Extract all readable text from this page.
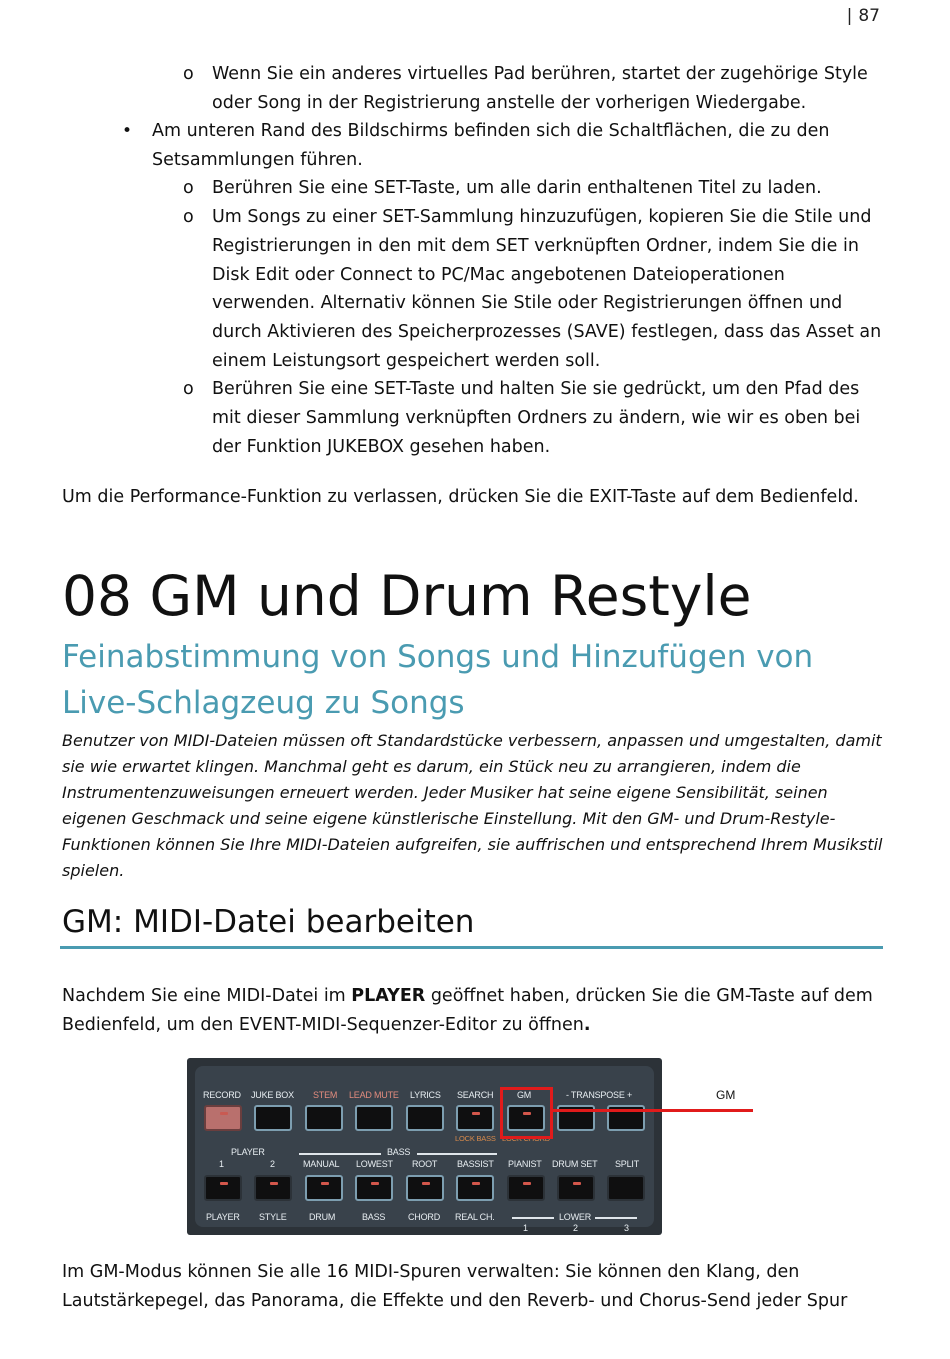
| 87
o Wenn Sie ein anderes virtuelles Pad berühren, startet der zugehörige Style oder Song in der Registrierung anstelle der vorherigen Wiedergabe.

• Am unteren Rand des Bildschirms befinden sich die Schaltflächen, die zu den Setsammlungen führen.

o Berühren Sie eine SET-Taste, um alle darin enthaltenen Titel zu laden.

o Um Songs zu einer SET-Sammlung hinzuzufügen, kopieren Sie die Stile und Registrierungen in den mit dem SET verknüpften Ordner, indem Sie die in Disk Edit oder Connect to PC/Mac angebotenen Dateioperationen verwenden. Alternativ können Sie Stile oder Registrierungen öffnen und durch Aktivieren des Speicherprozesses (SAVE) festlegen, dass das Asset an einem Leistungsort gespeichert werden soll.

o Berühren Sie eine SET-Taste und halten Sie sie gedrückt, um den Pfad des mit dieser Sammlung verknüpften Ordners zu ändern, wie wir es oben bei der Funktion JUKEBOX gesehen haben.

Um die Performance-Funktion zu verlassen, drücken Sie die EXIT-Taste auf dem Bedienfeld.

08 GM und Drum Restyle

Feinabstimmung von Songs und Hinzufügen von Live-Schlagzeug zu Songs

Benutzer von MIDI-Dateien müssen oft Standardstücke verbessern, anpassen und umgestalten, damit sie wie erwartet klingen. Manchmal geht es darum, ein Stück neu zu arrangieren, indem die Instrumentenzuweisungen erneuert werden. Jeder Musiker hat seine eigene Sensibilität, seinen eigenen Geschmack und seine eigene künstlerische Einstellung. Mit den GM- und Drum-Restyle-Funktionen können Sie Ihre MIDI-Dateien aufgreifen, sie auffrischen und entsprechend Ihrem Musikstil spielen.

GM: MIDI-Datei bearbeiten

Nachdem Sie eine MIDI-Datei im PLAYER geöffnet haben, drücken Sie die GM-Taste auf dem Bedienfeld, um den EVENT-MIDI-Sequenzer-Editor zu öffnen.

RECORD JUKE BOX STEM LEAD MUTE LYRICS SEARCH	GM	- TRANSPOSE +
LOCK BASS LOCK CHORD
PLAYER
1	2
BASS
MANUAL LOWEST ROOT BASSIST PIANIST DRUM SET SPLIT
PLAYER STYLE DRUM	BASS	CHORD REAL CH.	LOWER
1	2	3
GM

Im GM-Modus können Sie alle 16 MIDI-Spuren verwalten: Sie können den Klang, den Lautstärkepegel, das Panorama, die Effekte und den Reverb- und Chorus-Send jeder Spur
